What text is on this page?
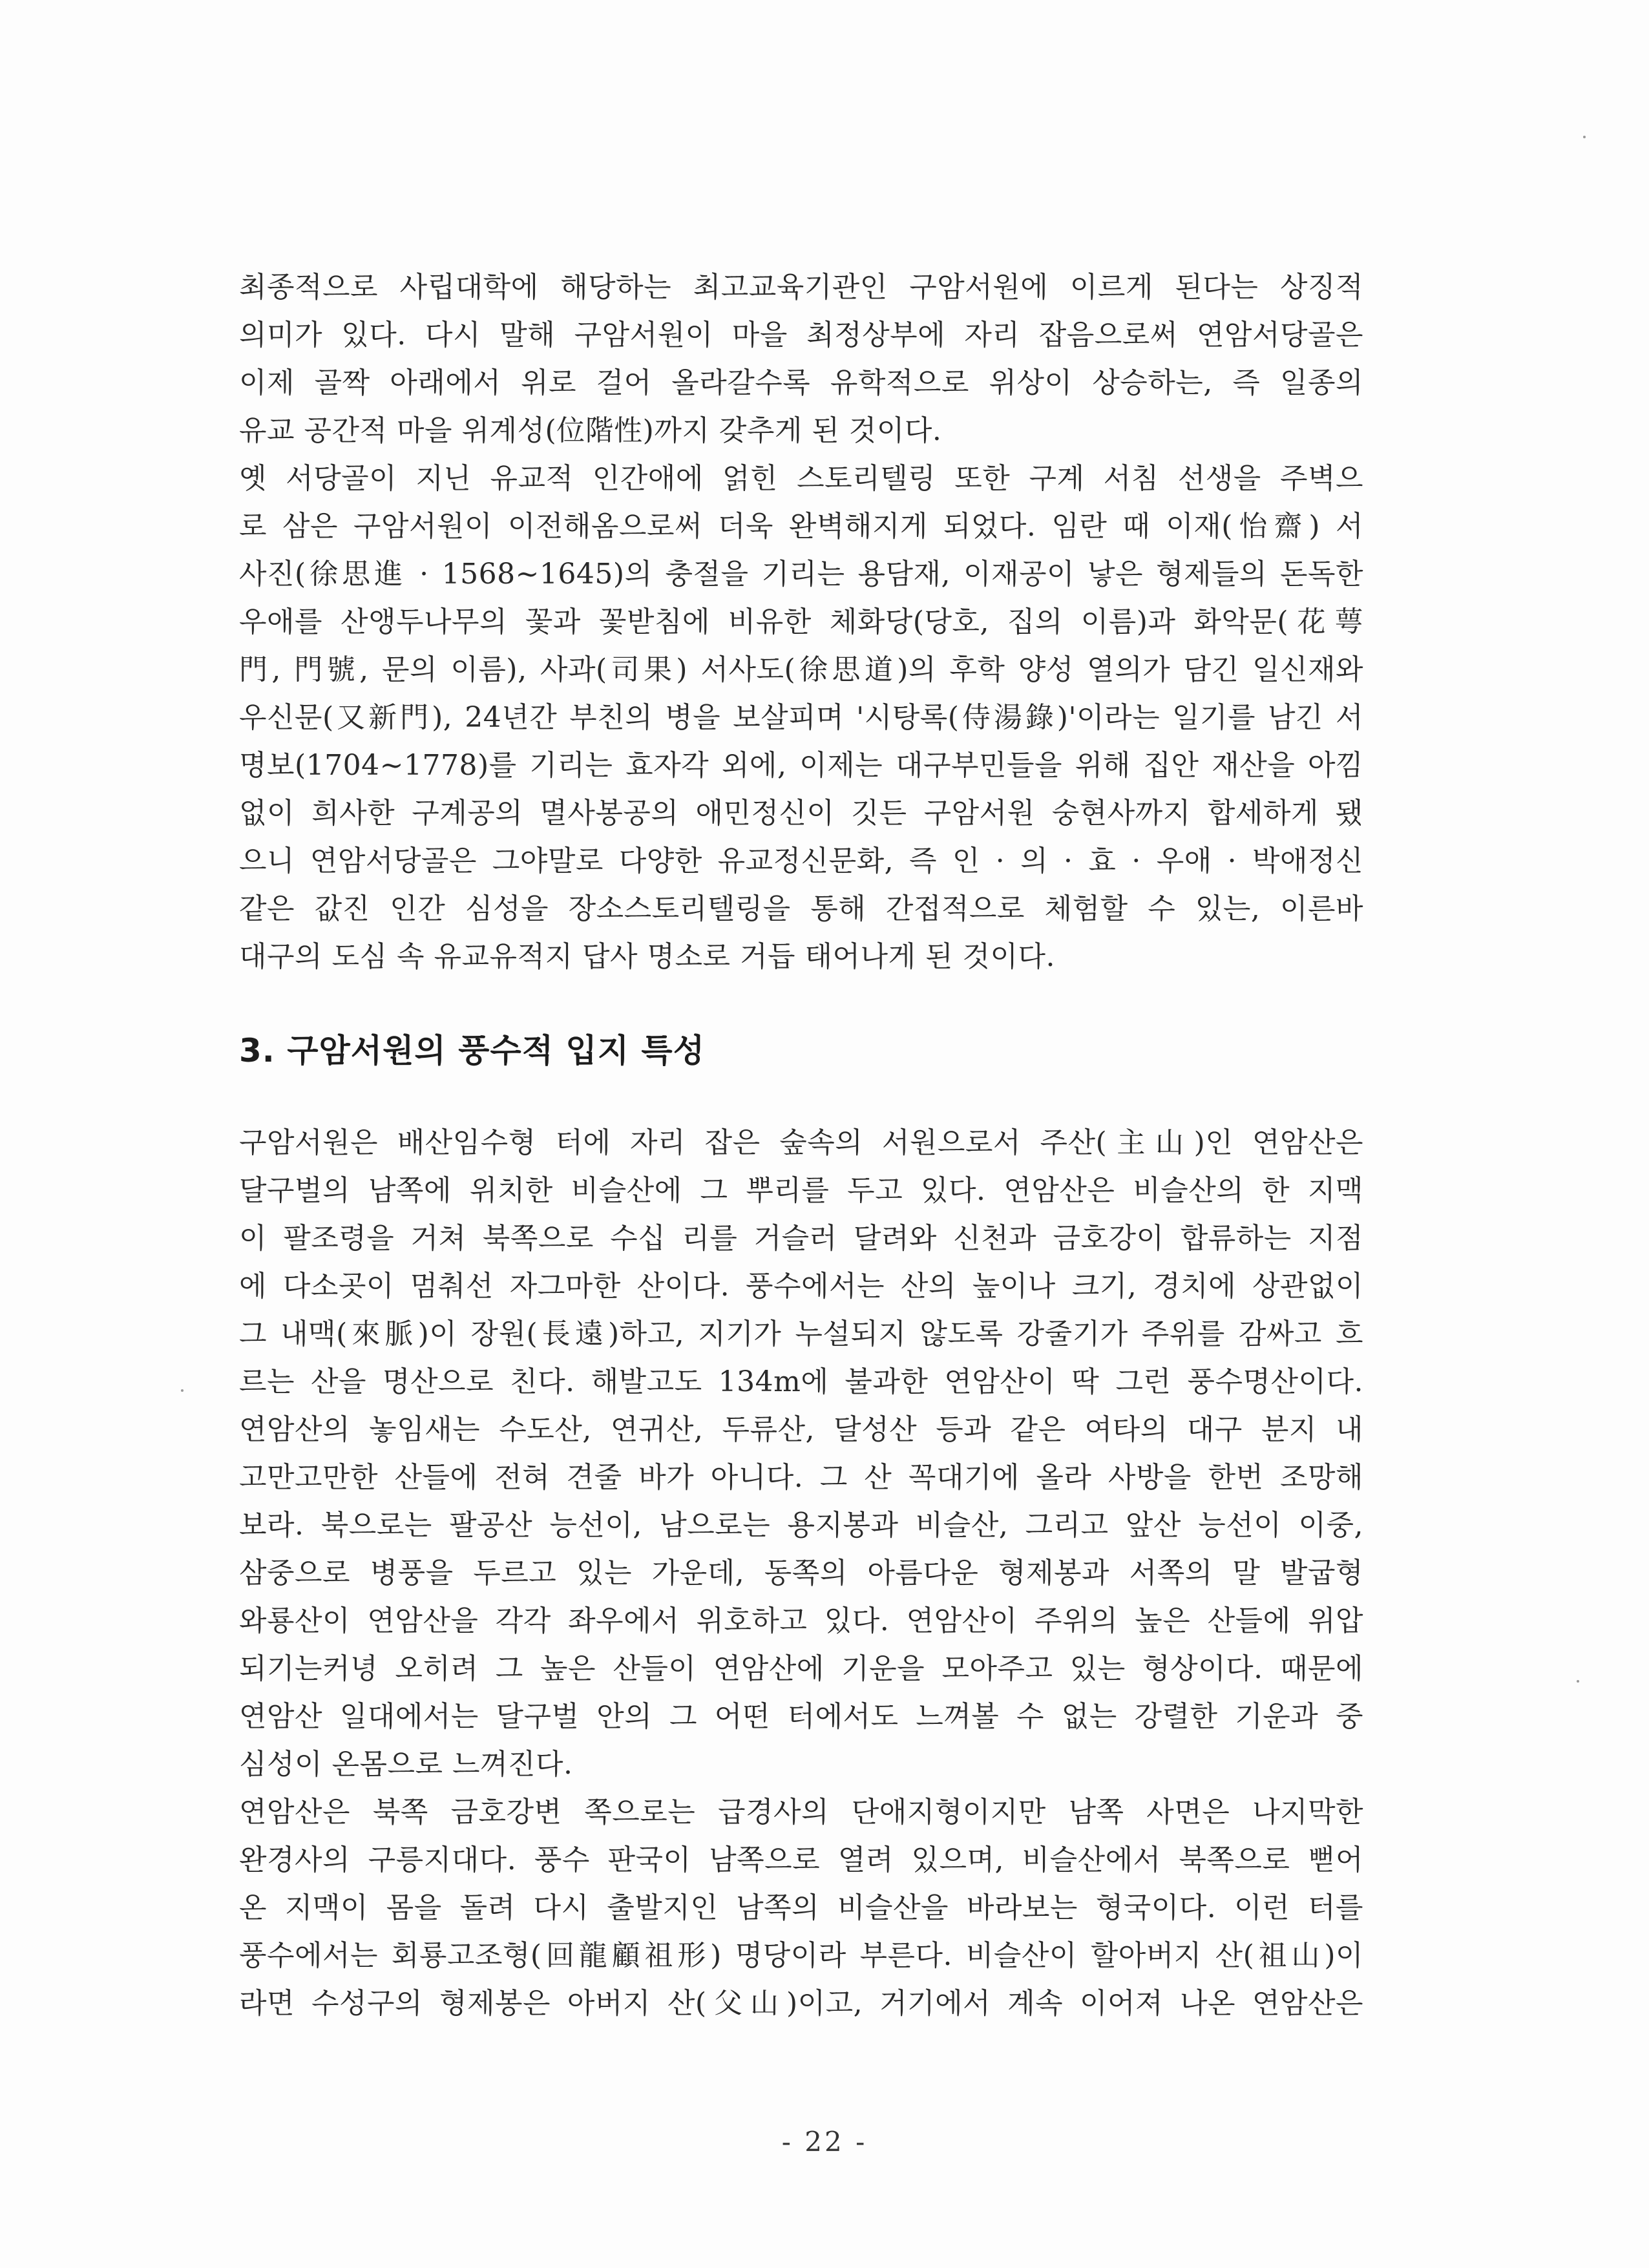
최종적으로 사립대학에 해당하는 최고교육기관인 구암서원에 이르게 된다는 상징적
의미가 있다. 다시 말해 구암서원이 마을 최정상부에 자리 잡음으로써 연암서당골은
이제 골짝 아래에서 위로 걸어 올라갈수록 유학적으로 위상이 상승하는, 즉 일종의
유교 공간적 마을 위계성(位階性)까지 갖추게 된 것이다.
옛 서당골이 지닌 유교적 인간애에 얽힌 스토리텔링 또한 구계 서침 선생을 주벽으
로 삼은 구암서원이 이전해옴으로써 더욱 완벽해지게 되었다. 임란 때 이재(怡齋) 서
사진(徐思進 · 1568~1645)의 충절을 기리는 용담재, 이재공이 낳은 형제들의 돈독한
우애를 산앵두나무의 꽃과 꽃받침에 비유한 체화당(당호, 집의 이름)과 화악문(花萼
門, 門號, 문의 이름), 사과(司果) 서사도(徐思道)의 후학 양성 열의가 담긴 일신재와
우신문(又新門), 24년간 부친의 병을 보살피며 '시탕록(侍湯錄)'이라는 일기를 남긴 서
명보(1704~1778)를 기리는 효자각 외에, 이제는 대구부민들을 위해 집안 재산을 아낌
없이 희사한 구계공의 멸사봉공의 애민정신이 깃든 구암서원 숭현사까지 합세하게 됐
으니 연암서당골은 그야말로 다양한 유교정신문화, 즉 인 · 의 · 효 · 우애 · 박애정신
같은 값진 인간 심성을 장소스토리텔링을 통해 간접적으로 체험할 수 있는, 이른바
대구의 도심 속 유교유적지 답사 명소로 거듭 태어나게 된 것이다.
3. 구암서원의 풍수적 입지 특성
구암서원은 배산임수형 터에 자리 잡은 숲속의 서원으로서 주산(主山)인 연암산은
달구벌의 남쪽에 위치한 비슬산에 그 뿌리를 두고 있다. 연암산은 비슬산의 한 지맥
이 팔조령을 거쳐 북쪽으로 수십 리를 거슬러 달려와 신천과 금호강이 합류하는 지점
에 다소곳이 멈춰선 자그마한 산이다. 풍수에서는 산의 높이나 크기, 경치에 상관없이
그 내맥(來脈)이 장원(長遠)하고, 지기가 누설되지 않도록 강줄기가 주위를 감싸고 흐
르는 산을 명산으로 친다. 해발고도 134m에 불과한 연암산이 딱 그런 풍수명산이다.
연암산의 놓임새는 수도산, 연귀산, 두류산, 달성산 등과 같은 여타의 대구 분지 내
고만고만한 산들에 전혀 견줄 바가 아니다. 그 산 꼭대기에 올라 사방을 한번 조망해
보라. 북으로는 팔공산 능선이, 남으로는 용지봉과 비슬산, 그리고 앞산 능선이 이중,
삼중으로 병풍을 두르고 있는 가운데, 동쪽의 아름다운 형제봉과 서쪽의 말 발굽형
와룡산이 연암산을 각각 좌우에서 위호하고 있다. 연암산이 주위의 높은 산들에 위압
되기는커녕 오히려 그 높은 산들이 연암산에 기운을 모아주고 있는 형상이다. 때문에
연암산 일대에서는 달구벌 안의 그 어떤 터에서도 느껴볼 수 없는 강렬한 기운과 중
심성이 온몸으로 느껴진다.
연암산은 북쪽 금호강변 쪽으로는 급경사의 단애지형이지만 남쪽 사면은 나지막한
완경사의 구릉지대다. 풍수 판국이 남쪽으로 열려 있으며, 비슬산에서 북쪽으로 뻗어
온 지맥이 몸을 돌려 다시 출발지인 남쪽의 비슬산을 바라보는 형국이다. 이런 터를
풍수에서는 회룡고조형(回龍顧祖形) 명당이라 부른다. 비슬산이 할아버지 산(祖山)이
라면 수성구의 형제봉은 아버지 산(父山)이고, 거기에서 계속 이어져 나온 연암산은
- 22 -
